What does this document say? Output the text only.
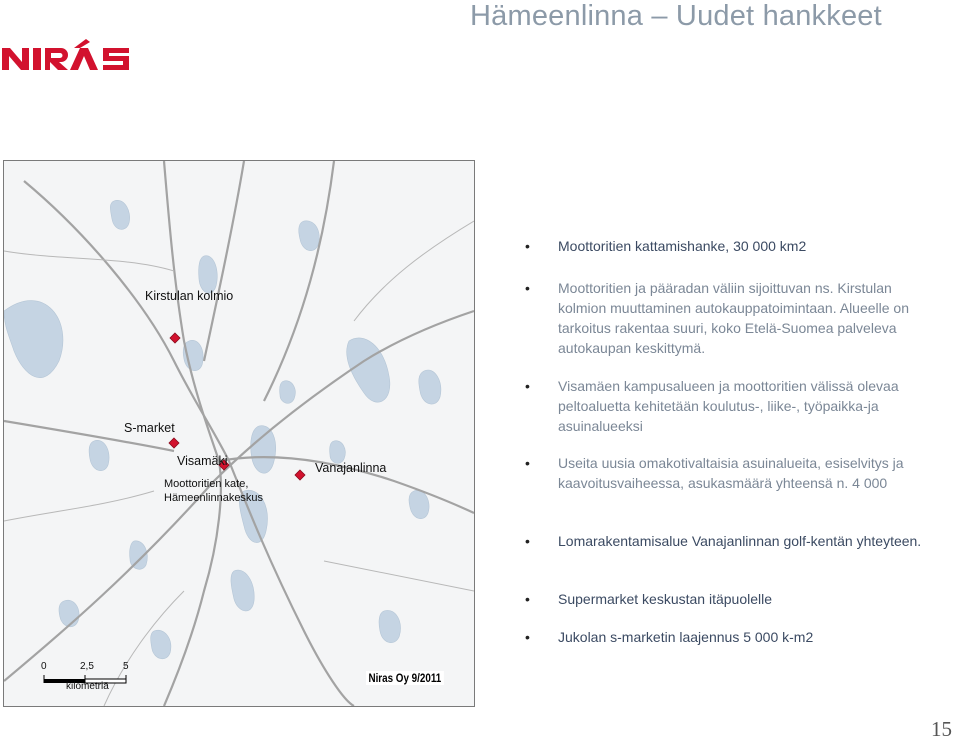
Hämeenlinna – Uudet hankkeet
Kirstulan kolmio
S-market
Visamäki
Moottoritien kate,
Hämeenlinnakeskus
Vanajanlinna
0	2,5	5
kilometriä
Niras Oy 9/2011
•	Moottoritien kattamishanke, 30 000 km2
•	Moottoritien ja pääradan väliin sijoittuvan ns. Kirstulan kolmion muuttaminen autokauppatoimintaan. Alueelle on tarkoitus rakentaa suuri, koko Etelä-Suomea palveleva autokaupan keskittymä.
•	Visamäen kampusalueen ja moottoritien välissä olevaa peltoaluetta kehitetään koulutus-, liike-, työpaikka-ja asuinalueeksi
•	Useita uusia omakotivaltaisia asuinalueita, esiselvitys ja kaavoitusvaiheessa, asukasmäärä yhteensä n. 4 000
•	Lomarakentamisalue Vanajanlinnan golf-kentän yhteyteen.
•	Supermarket keskustan itäpuolelle
•	Jukolan s-marketin laajennus 5 000 k-m2
15
